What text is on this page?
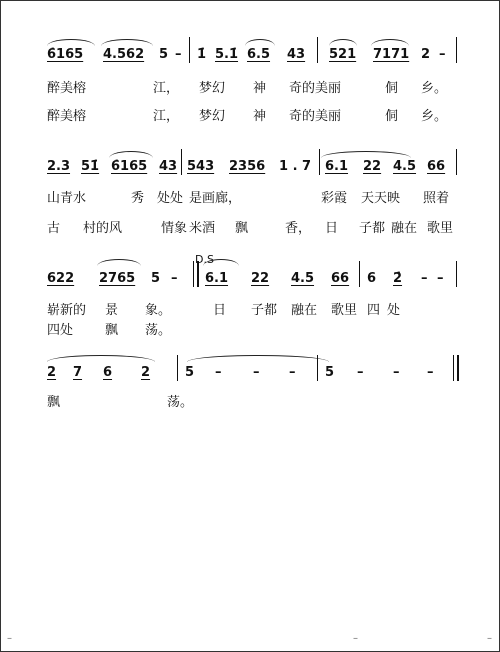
6̇165

4.562

5

–

1̇

5.1̇

6.5

43

521

7171

2

–

醉美榕	江， 梦幻 神 奇的美丽	侗 乡。
醉美榕	江， 梦幻 神 奇的美丽	侗 乡。

2.3

51̇

6̇165

43

543

2356

1 . 7

6.1

22

4.5

66

山青水	秀 处处 是画廊，	彩霞 天天映 照着
古 村的风	情象 米酒 飘	香， 日 子都 融在 歌里
D.S

622

2765

5

–

6.1

22

4.5

66

6

2̇

–

–

崭新的 景 象。	日 子都 融在 歌里 四 处
四处 飘 荡。

2

7

6

2

	5

–

–

–

5

–

–

–

飘	荡。
–	–	–
